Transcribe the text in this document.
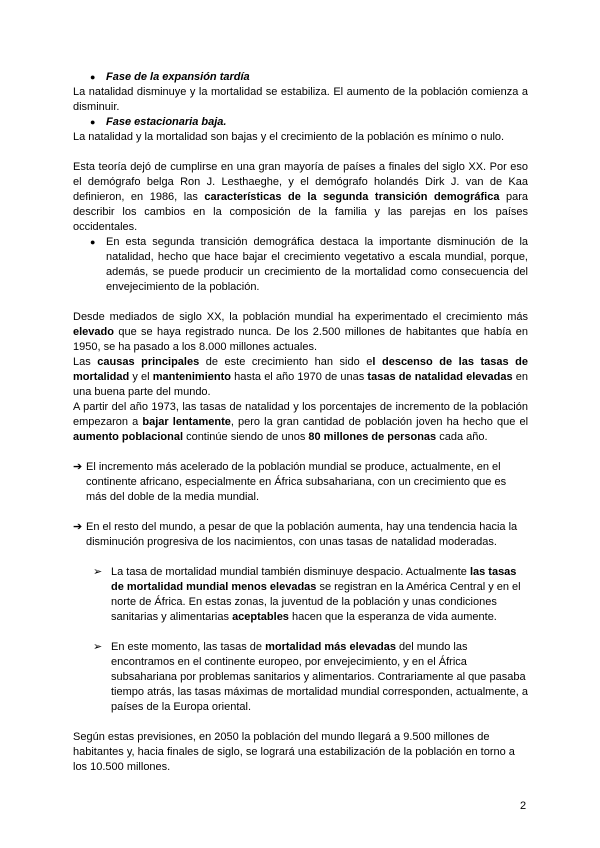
● Fase de la expansión tardía

La natalidad disminuye y la mortalidad se estabiliza. El aumento de la población comienza a disminuir.

● Fase estacionaria baja.

La natalidad y la mortalidad son bajas y el crecimiento de la población es mínimo o nulo.

Esta teoría dejó de cumplirse en una gran mayoría de países a finales del siglo XX. Por eso el demógrafo belga Ron J. Lesthaeghe, y el demógrafo holandés Dirk J. van de Kaa definieron, en 1986, las características de la segunda transición demográfica para describir los cambios en la composición de la familia y las parejas en los países occidentales.

● En esta segunda transición demográfica destaca la importante disminución de la natalidad, hecho que hace bajar el crecimiento vegetativo a escala mundial, porque, además, se puede producir un crecimiento de la mortalidad como consecuencia del envejecimiento de la población.

Desde mediados de siglo XX, la población mundial ha experimentado el crecimiento más elevado que se haya registrado nunca. De los 2.500 millones de habitantes que había en 1950, se ha pasado a los 8.000 millones actuales.

Las causas principales de este crecimiento han sido el descenso de las tasas de mortalidad y el mantenimiento hasta el año 1970 de unas tasas de natalidad elevadas en una buena parte del mundo.

A partir del año 1973, las tasas de natalidad y los porcentajes de incremento de la población empezaron a bajar lentamente, pero la gran cantidad de población joven ha hecho que el aumento poblacional continúe siendo de unos 80 millones de personas cada año.

➔ El incremento más acelerado de la población mundial se produce, actualmente, en el continente africano, especialmente en África subsahariana, con un crecimiento que es más del doble de la media mundial.

➔ En el resto del mundo, a pesar de que la población aumenta, hay una tendencia hacia la disminución progresiva de los nacimientos, con unas tasas de natalidad moderadas.

➢ La tasa de mortalidad mundial también disminuye despacio. Actualmente las tasas de mortalidad mundial menos elevadas se registran en la América Central y en el norte de África. En estas zonas, la juventud de la población y unas condiciones sanitarias y alimentarias aceptables hacen que la esperanza de vida aumente.

➢ En este momento, las tasas de mortalidad más elevadas del mundo las encontramos en el continente europeo, por envejecimiento, y en el África subsahariana por problemas sanitarios y alimentarios. Contrariamente al que pasaba tiempo atrás, las tasas máximas de mortalidad mundial corresponden, actualmente, a países de la Europa oriental.

Según estas previsiones, en 2050 la población del mundo llegará a 9.500 millones de habitantes y, hacia finales de siglo, se logrará una estabilización de la población en torno a los 10.500 millones.

2
